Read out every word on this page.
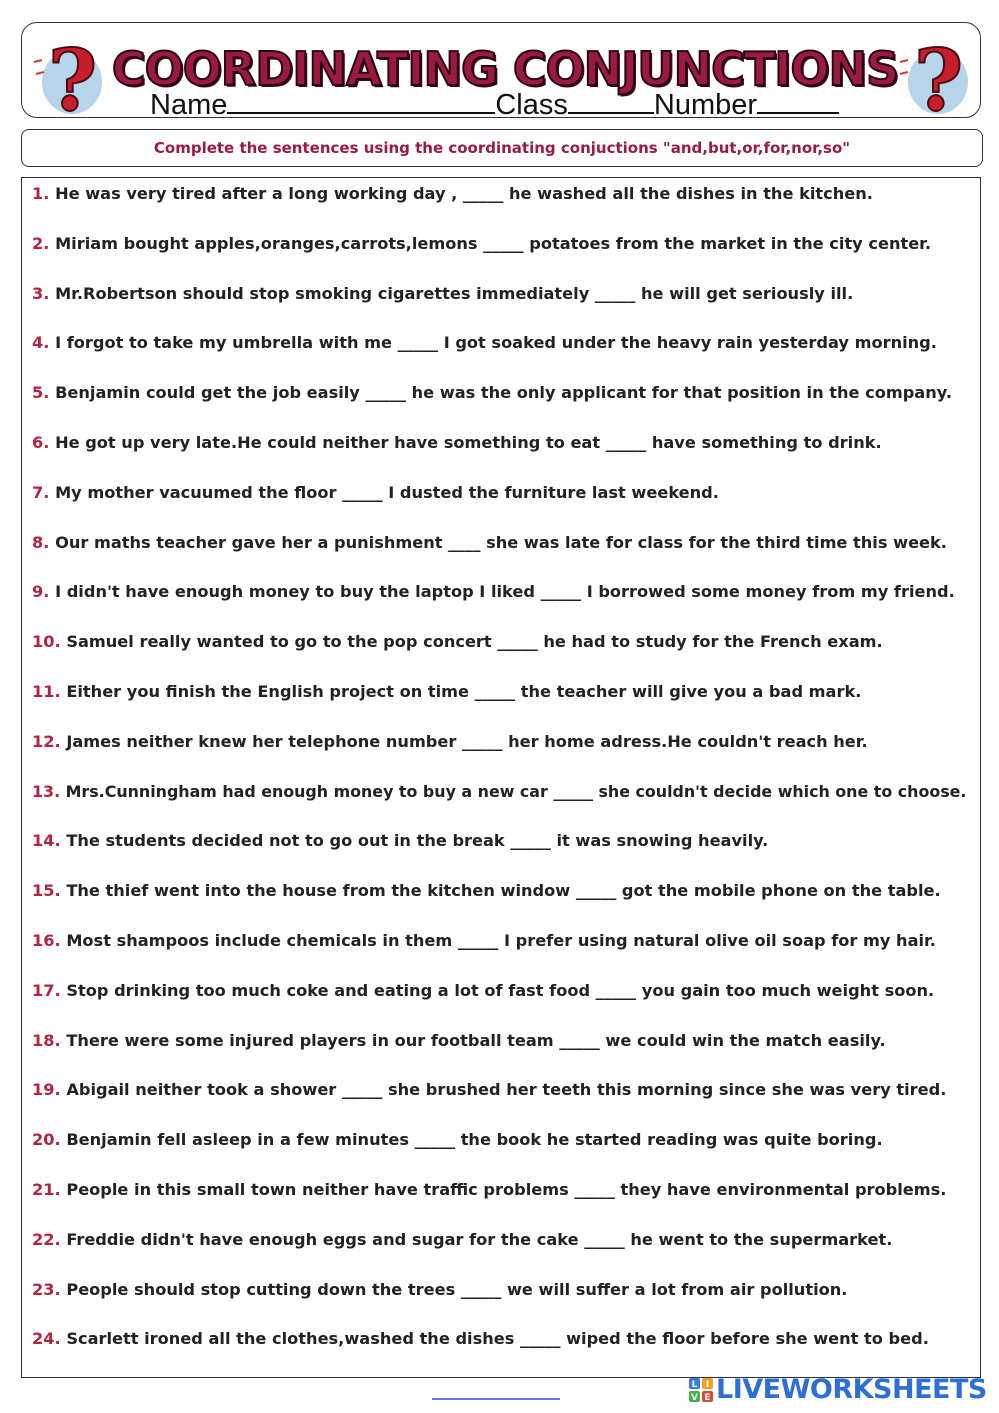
?	?
COORDINATING CONJUNCTIONS
Name	Class	Number
Complete the sentences using the coordinating conjuctions "and,but,or,for,nor,so"
1. He was very tired after a long working day , _____ he washed all the dishes in the kitchen.
2. Miriam bought apples,oranges,carrots,lemons _____ potatoes from the market in the city center.
3. Mr.Robertson should stop smoking cigarettes immediately _____ he will get seriously ill.
4. I forgot to take my umbrella with me _____ I got soaked under the heavy rain yesterday morning.
5. Benjamin could get the job easily _____ he was the only applicant for that position in the company.
6. He got up very late.He could neither have something to eat _____ have something to drink.
7. My mother vacuumed the floor _____ I dusted the furniture last weekend.
8. Our maths teacher gave her a punishment ____ she was late for class for the third time this week.
9. I didn't have enough money to buy the laptop I liked _____ I borrowed some money from my friend.
10. Samuel really wanted to go to the pop concert _____ he had to study for the French exam.
11. Either you finish the English project on time _____ the teacher will give you a bad mark.
12. James neither knew her telephone number _____ her home adress.He couldn't reach her.
13. Mrs.Cunningham had enough money to buy a new car _____ she couldn't decide which one to choose.
14. The students decided not to go out in the break _____ it was snowing heavily.
15. The thief went into the house from the kitchen window _____ got the mobile phone on the table.
16. Most shampoos include chemicals in them _____ I prefer using natural olive oil soap for my hair.
17. Stop drinking too much coke and eating a lot of fast food _____ you gain too much weight soon.
18. There were some injured players in our football team _____ we could win the match easily.
19. Abigail neither took a shower _____ she brushed her teeth this morning since she was very tired.
20. Benjamin fell asleep in a few minutes _____ the book he started reading was quite boring.
21. People in this small town neither have traffic problems _____ they have environmental problems.
22. Freddie didn't have enough eggs and sugar for the cake _____ he went to the supermarket.
23. People should stop cutting down the trees _____ we will suffer a lot from air pollution.
24. Scarlett ironed all the clothes,washed the dishes _____ wiped the floor before she went to bed.
L I
V E LIVEWORKSHEETS
